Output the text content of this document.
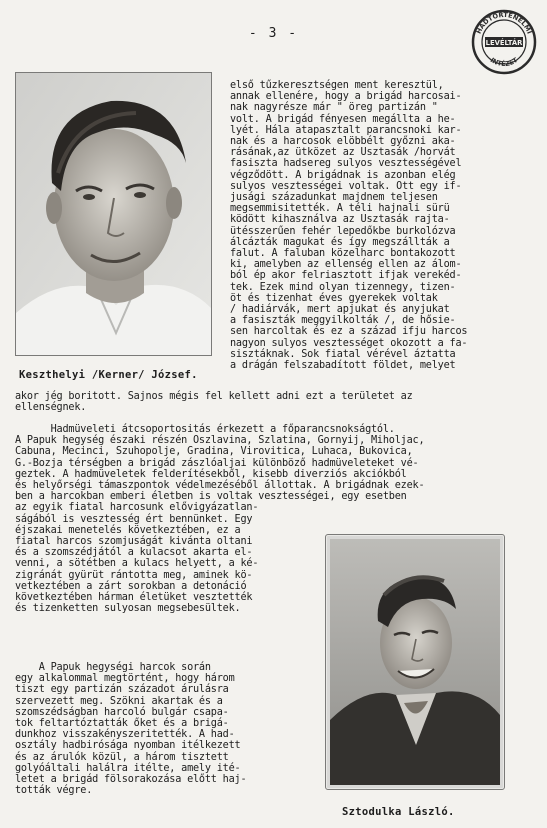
- 3 -	HADTÖRTÉNELMI
INTÉZET
LEVÉLTÁR
Keszthelyi /Kerner/ József.
Sztodulka László.
első tűzkeresztségen ment keresztül,
annak ellenére, hogy a brigád harcosai-
nak nagyrésze már " öreg partizán "
volt. A brigád fényesen megállta a he-
lyét. Hála atapasztalt parancsnoki kar-
nak és a harcosok elöbbélt győzni aka-
rásának,az ütközet az Usztasák /horvát
fasiszta hadsereg sulyos vesztességével
végződött. A brigádnak is azonban elég
sulyos vesztességei voltak. Ott egy if-
jusági századunkat majdnem teljesen
megsemmisitették. A téli hajnali sürü
ködött kihasználva az Usztasák rajta-
ütésszerűen fehér lepedőkbe burkolózva
álcázták magukat és így megszállták a
falut. A faluban közelharc bontakozott
ki, amelyben az ellenség ellen az álom-
ból ép akor felriasztott ifjak verekéd-
tek. Ezek mind olyan tizennegy, tizen-
öt és tizenhat éves gyerekek voltak
/ hadiárvák, mert apjukat és anyjukat
a fasiszták meggyilkolták /, de hősie-
sen harcoltak és ez a század ifju harcos
nagyon sulyos vesztességet okozott a fa-
sisztáknak. Sok fiatal vérével áztatta
a drágán felszabadított földet, melyet
akor jég boritott. Sajnos mégis fel kellett adni ezt a területet az
ellenségnek.
Hadmüveleti átcsoportositás érkezett a főparancsnokságtól.
A Papuk hegység északi részén Oszlavina, Szlatina, Gornyij, Miholjac,
Cabuna, Mecinci, Szuhopolje, Gradina, Virovitica, Luhaca, Bukovica,
G.-Bozja térségben a brigád zászlóaljai különböző hadmüveleteket vé-
geztek. A hadmüveletek felderítésekből, kisebb diverziós akciókból
és helyőrségi támaszpontok védelmezéséből állottak. A brigádnak ezek-
ben a harcokban emberi életben is voltak vesztességei, egy esetben
az egyik fiatal harcosunk elővigyázatlan-
ságából is vesztesség ért bennünket. Egy
éjszakai menetelés következtében, ez a
fiatal harcos szomjuságát kivánta oltani
és a szomszédjától a kulacsot akarta el-
venni, a sötétben a kulacs helyett, a ké-
zigránát gyürüt rántotta meg, aminek kö-
vetkeztében a zárt sorokban a detonáció
következtében hárman életüket vesztették
és tizenketten sulyosan megsebesültek.
A Papuk hegységi harcok során
egy alkalommal megtörtént, hogy három
tiszt egy partizán századot árulásra
szervezett meg. Szökni akartak és a
szomszédságban harcoló bulgár csapa-
tok feltartóztatták őket és a brigá-
dunkhoz visszakényszeritették. A had-
osztály hadbirósága nyomban itélkezett
és az árulók közül, a három tisztett
golyóáltali halálra itélte, amely ité-
letet a brigád fölsorakozása előtt haj-
tották végre.
